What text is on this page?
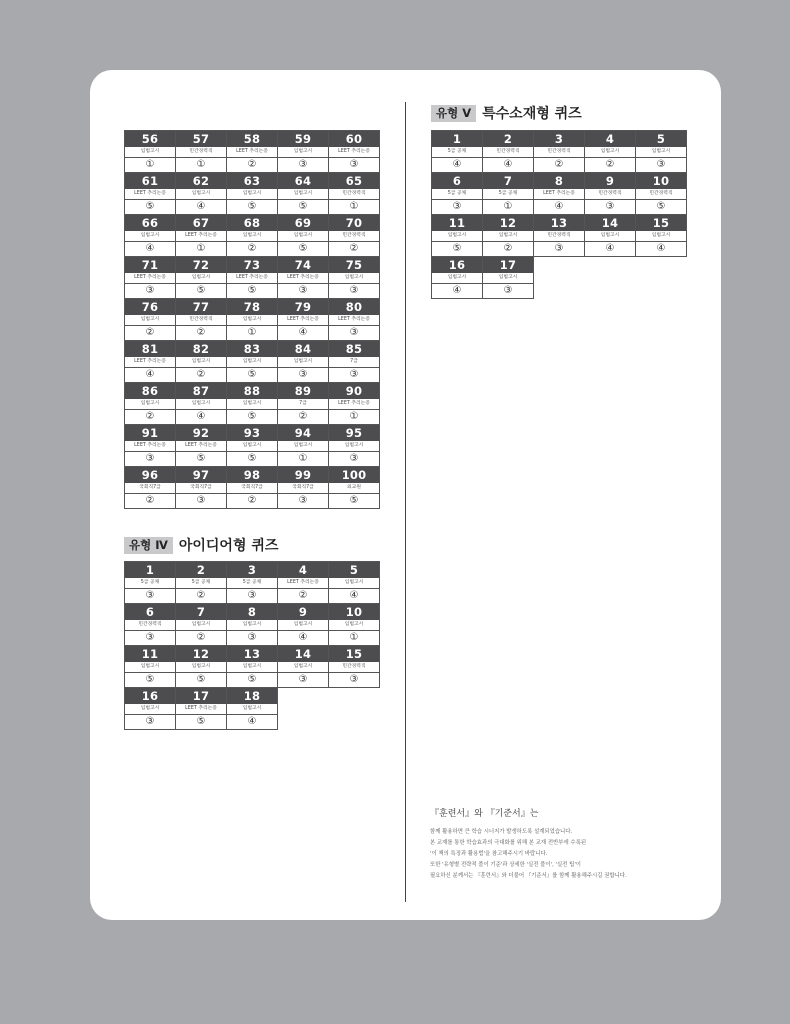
56
입법고시
①
57
민간경력직
①
58
LEET 추리논증
②
59
입법고시
③
60
LEET 추리논증
③
61
LEET 추리논증
⑤
62
입법고시
④
63
입법고시
⑤
64
입법고시
⑤
65
민간경력직
①
66
입법고시
④
67
LEET 추리논증
①
68
입법고시
②
69
입법고시
⑤
70
민간경력직
②
71
LEET 추리논증
③
72
입법고시
⑤
73
LEET 추리논증
⑤
74
LEET 추리논증
③
75
입법고시
③
76
입법고시
②
77
민간경력직
②
78
입법고시
①
79
LEET 추리논증
④
80
LEET 추리논증
③
81
LEET 추리논증
④
82
입법고시
②
83
입법고시
⑤
84
입법고시
③
85
7급
③
86
입법고시
②
87
입법고시
④
88
입법고시
⑤
89
7급
②
90
LEET 추리논증
①
91
LEET 추리논증
③
92
LEET 추리논증
⑤
93
입법고시
⑤
94
입법고시
①
95
입법고시
③
96
국회직7급
②
97
국회직7급
③
98
국회직7급
②
99
국회직7급
③
100
외교원
⑤
유형 Ⅳ 아이디어형 퀴즈
1
5급 공채
③
2
5급 공채
②
3
5급 공채
③
4
LEET 추리논증
②
5
입법고시
④
6
민간경력직
③
7
입법고시
②
8
입법고시
③
9
입법고시
④
10
입법고시
①
11
입법고시
⑤
12
입법고시
⑤
13
입법고시
⑤
14
입법고시
③
15
민간경력직
③
16
입법고시
③
17
LEET 추리논증
⑤
18
입법고시
④
유형 Ⅴ 특수소재형 퀴즈
1
5급 공채
④
2
민간경력직
④
3
민간경력직
②
4
입법고시
②
5
입법고시
③
6
5급 공채
③
7
5급 공채
①
8
LEET 추리논증
④
9
민간경력직
③
10
민간경력직
⑤
11
입법고시
⑤
12
입법고시
②
13
민간경력직
③
14
입법고시
④
15
입법고시
④
16
입법고시
④
17
입법고시
③
『훈련서』와 『기준서』는
함께 활용하면 큰 학습 시너지가 발생하도록 설계되었습니다.
본 교재를 통한 학습효과의 극대화를 위해 본 교재 전반부에 수록된
'이 책의 특징과 활용법'을 참고해주시기 바랍니다.
또한 '유형별 전략적 풀이 기준'과 상세한 '실전 풀이', '실전 팁'이
필요하신 분께서는 『훈련서』와 더불어 『기준서』를 함께 활용해주시길 권합니다.
